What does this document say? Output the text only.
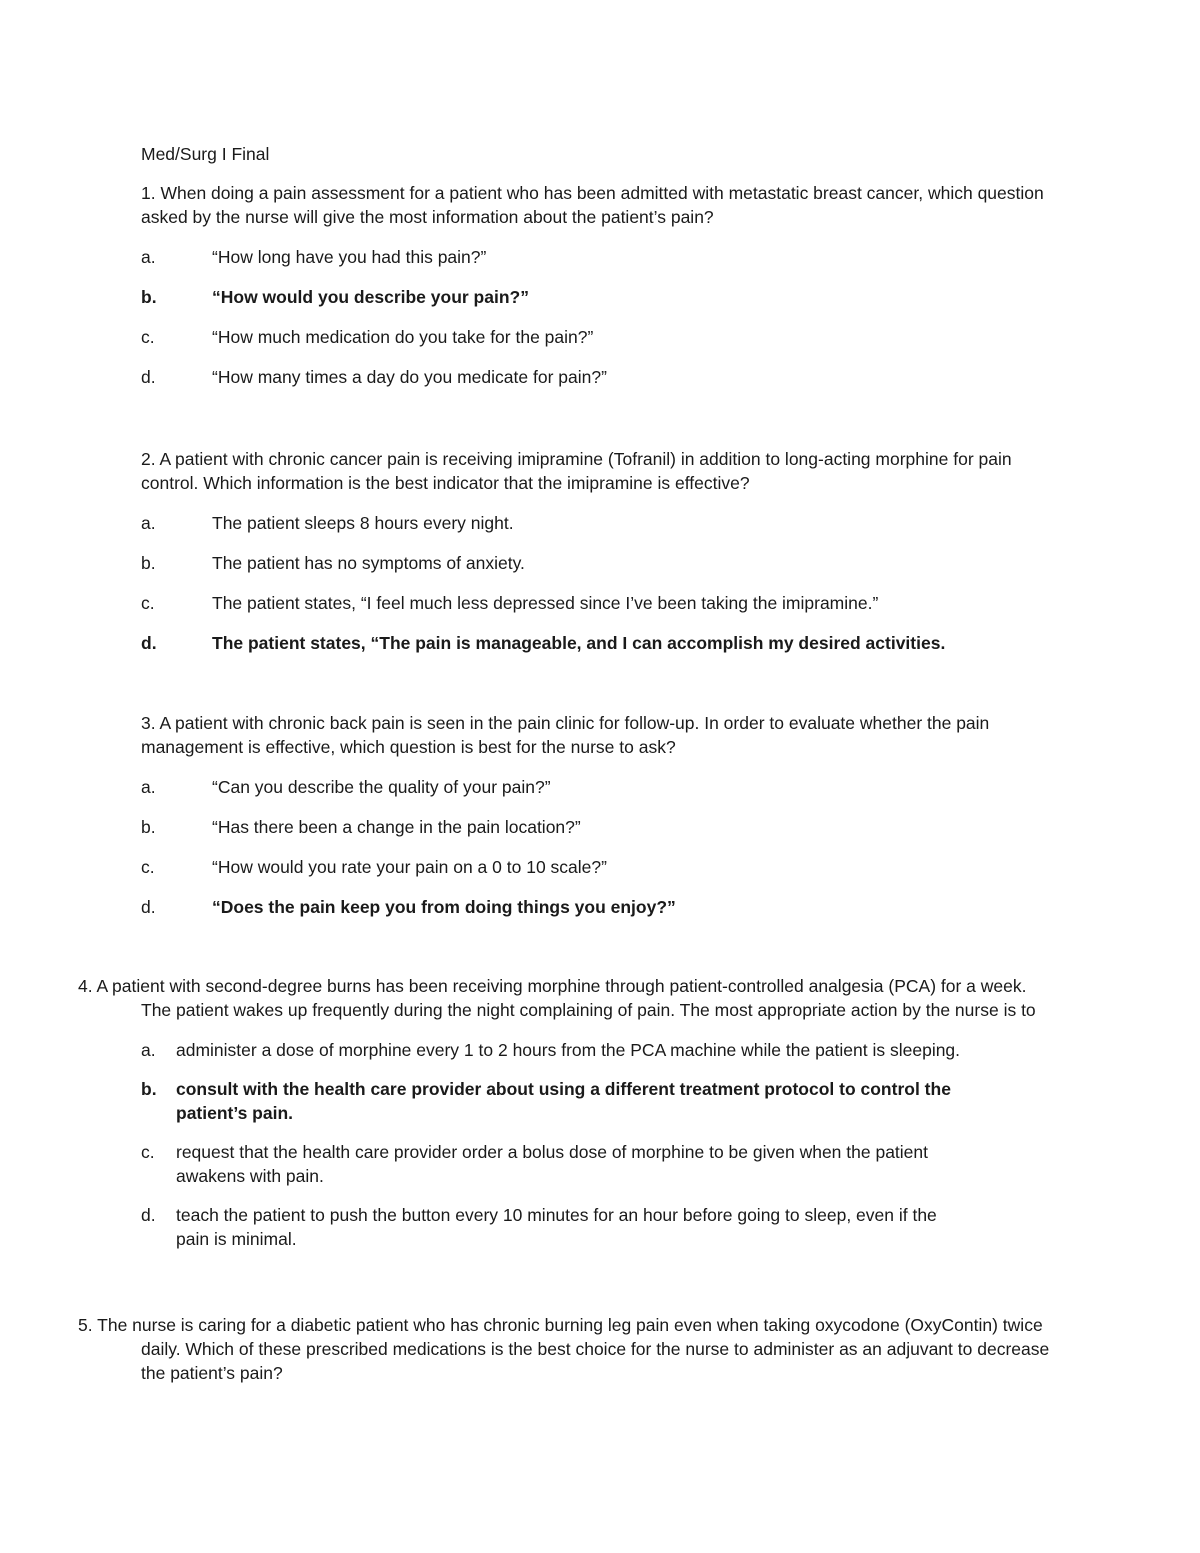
Med/Surg I Final

1. When doing a pain assessment for a patient who has been admitted with metastatic breast cancer, which question asked by the nurse will give the most information about the patient’s pain?

a.	“How long have you had this pain?”
b.	“How would you describe your pain?”
c.	“How much medication do you take for the pain?”
d.	“How many times a day do you medicate for pain?”

2. A patient with chronic cancer pain is receiving imipramine (Tofranil) in addition to long-acting morphine for pain control. Which information is the best indicator that the imipramine is effective?

a.	The patient sleeps 8 hours every night.
b.	The patient has no symptoms of anxiety.
c.	The patient states, “I feel much less depressed since I’ve been taking the imipramine.”
d.	The patient states, “The pain is manageable, and I can accomplish my desired activities.

3. A patient with chronic back pain is seen in the pain clinic for follow-up. In order to evaluate whether the pain management is effective, which question is best for the nurse to ask?

a.	“Can you describe the quality of your pain?”
b.	“Has there been a change in the pain location?”
c.	“How would you rate your pain on a 0 to 10 scale?”
d.	“Does the pain keep you from doing things you enjoy?”

4. A patient with second-degree burns has been receiving morphine through patient-controlled analgesia (PCA) for a week. The patient wakes up frequently during the night complaining of pain. The most appropriate action by the nurse is to

a. administer a dose of morphine every 1 to 2 hours from the PCA machine while the patient is sleeping.
b. consult with the health care provider about using a different treatment protocol to control the patient’s pain.
c. request that the health care provider order a bolus dose of morphine to be given when the patient awakens with pain.
d. teach the patient to push the button every 10 minutes for an hour before going to sleep, even if the pain is minimal.

5. The nurse is caring for a diabetic patient who has chronic burning leg pain even when taking oxycodone (OxyContin) twice daily. Which of these prescribed medications is the best choice for the nurse to administer as an adjuvant to decrease the patient’s pain?
